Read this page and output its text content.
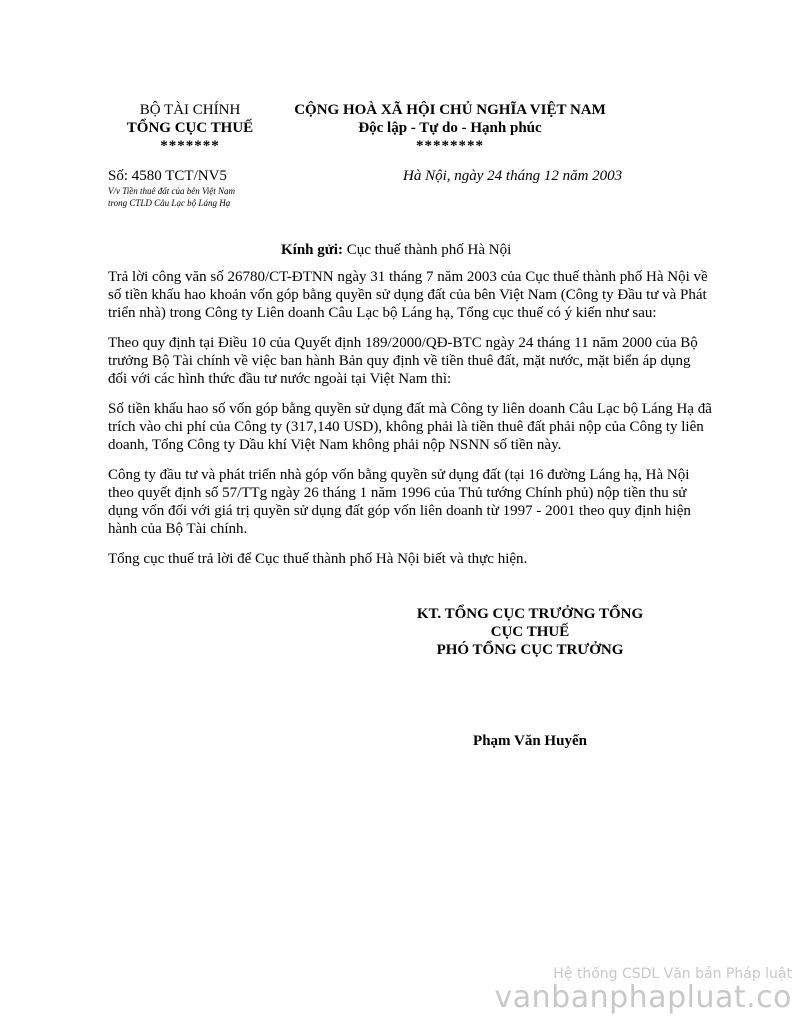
BỘ TÀI CHÍNH
TỔNG CỤC THUẾ
*******
CỘNG HOÀ XÃ HỘI CHỦ NGHĨA VIỆT NAM
Độc lập - Tự do - Hạnh phúc
********
Số: 4580 TCT/NV5
V/v Tiền thuê đất của bên Việt Nam
trong CTLD Câu Lạc bộ Láng Hạ
Hà Nội, ngày 24 tháng 12 năm 2003
Kính gửi: Cục thuế thành phố Hà Nội

Trả lời công văn số 26780/CT-ĐTNN ngày 31 tháng 7 năm 2003 của Cục thuế thành phố Hà Nội về số tiền khấu hao khoản vốn góp bằng quyền sử dụng đất của bên Việt Nam (Công ty Đầu tư và Phát triển nhà) trong Công ty Liên doanh Câu Lạc bộ Láng hạ, Tổng cục thuế có ý kiến như sau:

Theo quy định tại Điều 10 của Quyết định 189/2000/QĐ-BTC ngày 24 tháng 11 năm 2000 của Bộ trưởng Bộ Tài chính về việc ban hành Bản quy định về tiền thuê đất, mặt nước, mặt biển áp dụng đối với các hình thức đầu tư nước ngoài tại Việt Nam thì:

Số tiền khấu hao số vốn góp bằng quyền sử dụng đất mà Công ty liên doanh Câu Lạc bộ Láng Hạ đã trích vào chi phí của Công ty (317,140 USD), không phải là tiền thuê đất phải nộp của Công ty liên doanh, Tổng Công ty Dầu khí Việt Nam không phải nộp NSNN số tiền này.

Công ty đầu tư và phát triển nhà góp vốn bằng quyền sử dụng đất (tại 16 đường Láng hạ, Hà Nội theo quyết định số 57/TTg ngày 26 tháng 1 năm 1996 của Thủ tướng Chính phủ) nộp tiền thu sử dụng vốn đối với giá trị quyền sử dụng đất góp vốn liên doanh từ 1997 - 2001 theo quy định hiện hành của Bộ Tài chính.

Tổng cục thuế trả lời để Cục thuế thành phố Hà Nội biết và thực hiện.

KT. TỔNG CỤC TRƯỞNG TỔNG
CỤC THUẾ
PHÓ TỔNG CỤC TRƯỞNG
Phạm Văn Huyến
Hệ thống CSDL Văn bản Pháp luật
vanbanphapluat.co
